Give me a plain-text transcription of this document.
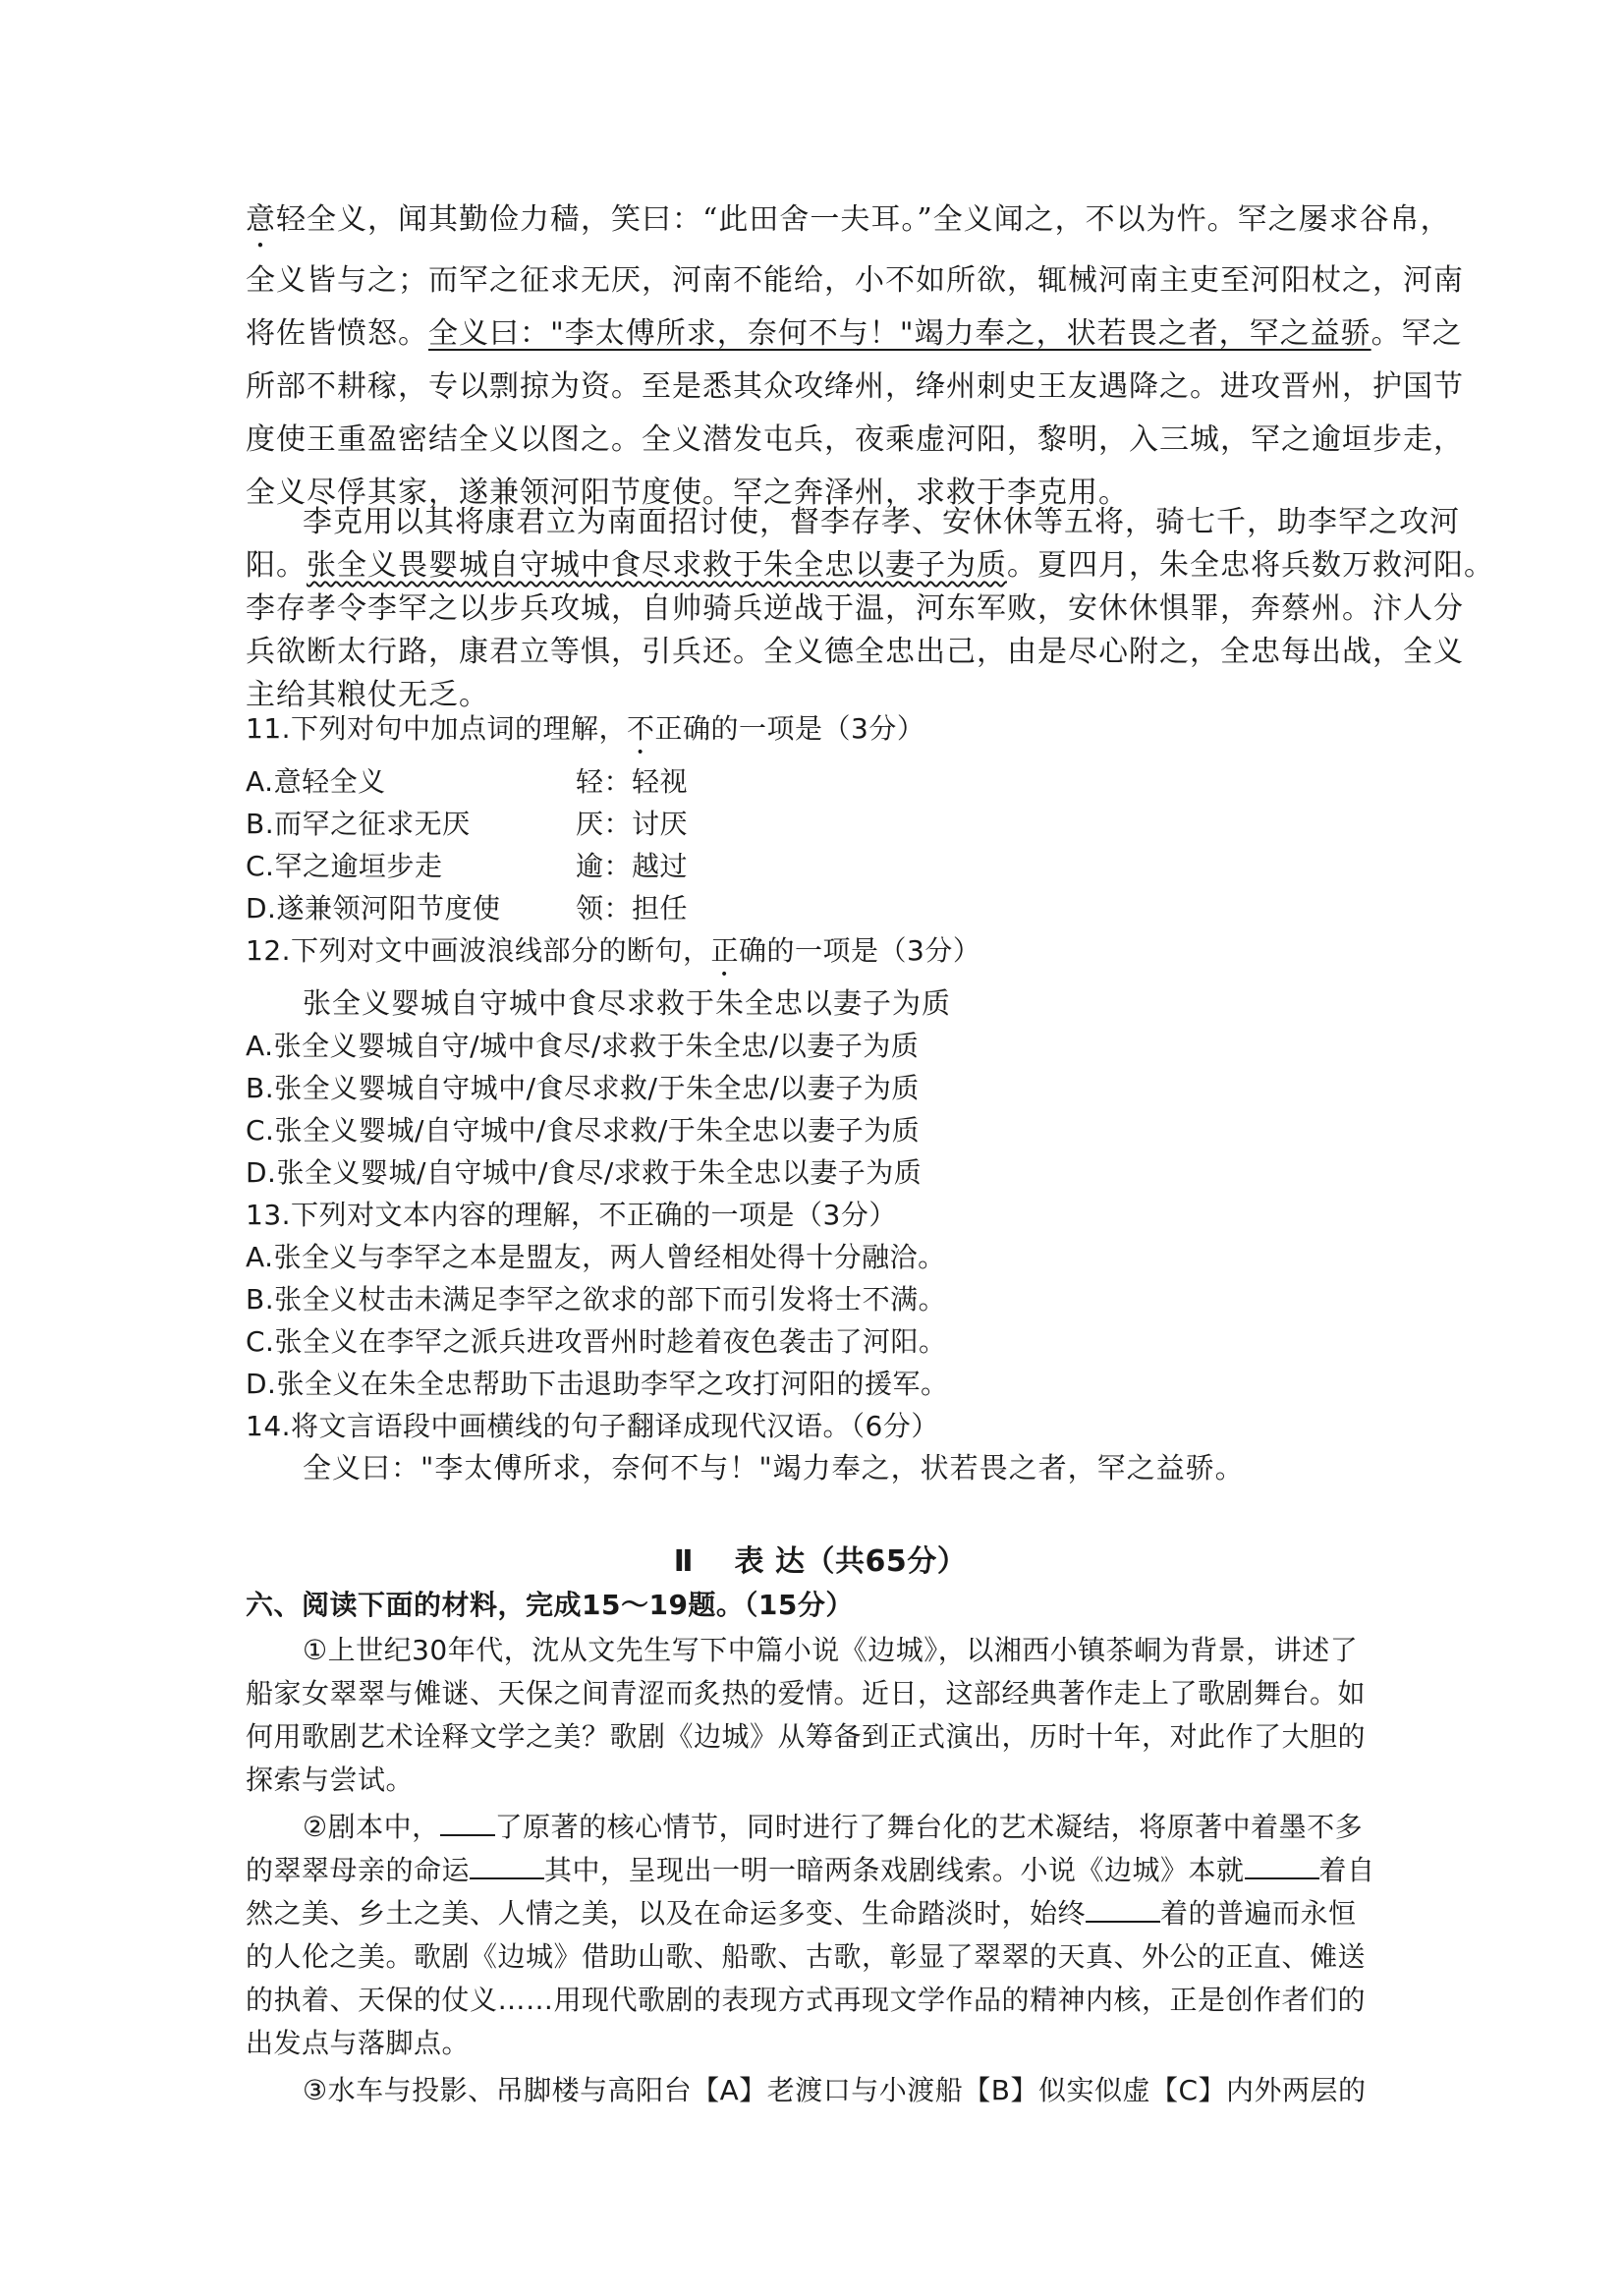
意轻全义，闻其勤俭力穑，笑曰：“此田舍一夫耳。”全义闻之，不以为忤。罕之屡求谷帛，
全义皆与之；而罕之征求无厌，河南不能给，小不如所欲，辄械河南主吏至河阳杖之，河南
将佐皆愤怒。全义曰："李太傅所求，奈何不与！"竭力奉之，状若畏之者，罕之益骄。罕之
所部不耕稼，专以剽掠为资。至是悉其众攻绛州，绛州刺史王友遇降之。进攻晋州，护国节
度使王重盈密结全义以图之。全义潜发屯兵，夜乘虚河阳，黎明，入三城，罕之逾垣步走，
全义尽俘其家，遂兼领河阳节度使。罕之奔泽州，求救于李克用。
李克用以其将康君立为南面招讨使，督李存孝、安休休等五将，骑七千，助李罕之攻河
阳。张全义畏婴城自守城中食尽求救于朱全忠以妻子为质。夏四月，朱全忠将兵数万救河阳。
李存孝令李罕之以步兵攻城，自帅骑兵逆战于温，河东军败，安休休惧罪，奔蔡州。汴人分
兵欲断太行路，康君立等惧，引兵还。全义德全忠出己，由是尽心附之，全忠每出战，全义
主给其粮仗无乏。
11.下列对句中加点词的理解，不正确的一项是（3分）
A.意轻全义	轻：轻视
B.而罕之征求无厌	厌：讨厌
C.罕之逾垣步走	逾：越过
D.遂兼领河阳节度使	领：担任
12.下列对文中画波浪线部分的断句，正确的一项是（3分）
张全义婴城自守城中食尽求救于朱全忠以妻子为质
A.张全义婴城自守/城中食尽/求救于朱全忠/以妻子为质
B.张全义婴城自守城中/食尽求救/于朱全忠/以妻子为质
C.张全义婴城/自守城中/食尽求救/于朱全忠以妻子为质
D.张全义婴城/自守城中/食尽/求救于朱全忠以妻子为质
13.下列对文本内容的理解，不正确的一项是（3分）
A.张全义与李罕之本是盟友，两人曾经相处得十分融洽。
B.张全义杖击未满足李罕之欲求的部下而引发将士不满。
C.张全义在李罕之派兵进攻晋州时趁着夜色袭击了河阳。
D.张全义在朱全忠帮助下击退助李罕之攻打河阳的援军。
14.将文言语段中画横线的句子翻译成现代汉语。（6分）
全义曰："李太傅所求，奈何不与！"竭力奉之，状若畏之者，罕之益骄。
Ⅱ　 表 达（共65分）
六、阅读下面的材料，完成15～19题。（15分）
①上世纪30年代，沈从文先生写下中篇小说《边城》，以湘西小镇茶峒为背景，讲述了
船家女翠翠与傩谜、天保之间青涩而炙热的爱情。近日，这部经典著作走上了歌剧舞台。如
何用歌剧艺术诠释文学之美？歌剧《边城》从筹备到正式演出，历时十年，对此作了大胆的
探索与尝试。
②剧本中， 了原著的核心情节，同时进行了舞台化的艺术凝结，将原著中着墨不多
的翠翠母亲的命运	其中，呈现出一明一暗两条戏剧线索。小说《边城》本就	着自
然之美、乡土之美、人情之美，以及在命运多变、生命踏淡时，始终	着的普遍而永恒
的人伦之美。歌剧《边城》借助山歌、船歌、古歌，彰显了翠翠的天真、外公的正直、傩送
的执着、天保的仗义……用现代歌剧的表现方式再现文学作品的精神内核，正是创作者们的
出发点与落脚点。
③水车与投影、吊脚楼与高阳台【A】老渡口与小渡船【B】似实似虚【C】内外两层的
